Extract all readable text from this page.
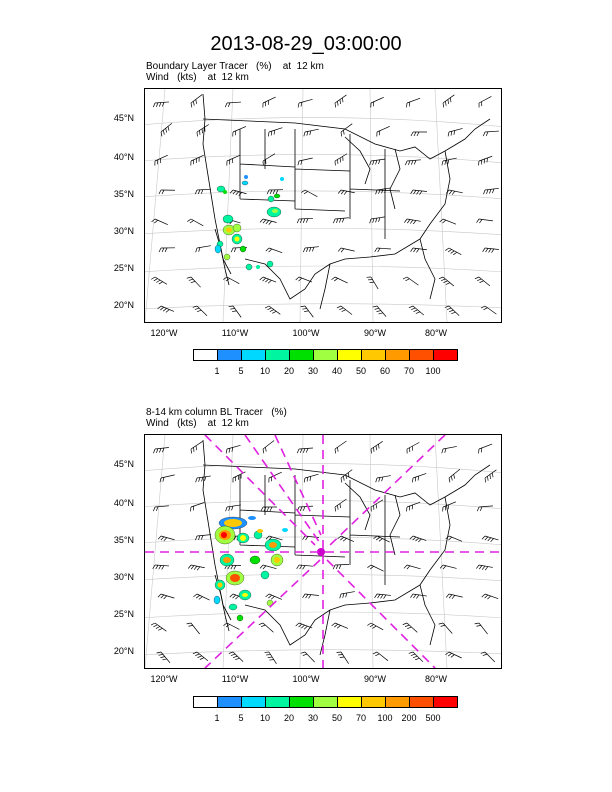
2013-08-29_03:00:00
Boundary Layer Tracer   (%)    at  12 km
Wind   (kts)    at  12 km
45°N
40°N
35°N
30°N
25°N
20°N
120°W	110°W	100°W	90°W	80°W
1	5	10	20	30	40	50	60	70	100
8-14 km column BL Tracer   (%)
Wind   (kts)    at  12 km
45°N
40°N
35°N
30°N
25°N
20°N
120°W	110°W	100°W	90°W	80°W
1	5	10	20	30	50	70	100 200 500
